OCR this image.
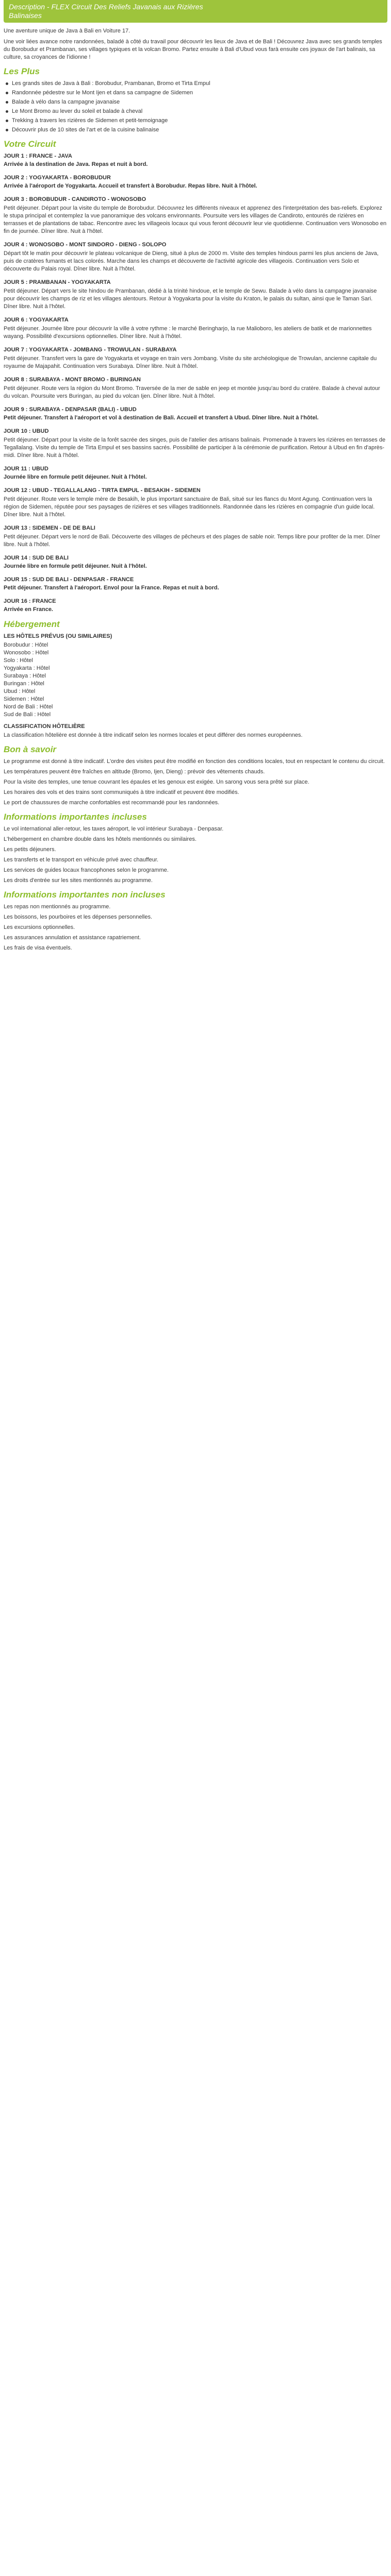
Description - FLEX Circuit Des Reliefs Javanais aux Rizières
Balinaises

Une aventure unique de Java à Bali en Voiture 17.

Une voir liées avance notre randonnées, baladé à côté du travail pour découvrir les lieux de Java et de Bali ! Découvrez Java avec ses grands temples du Borobudur et Prambanan, ses villages typiques et la volcan Bromo. Partez ensuite à Bali d'Ubud vous farà ensuite ces joyaux de l'art balinais, sa culture, sa croyances de l'idionne !

Les Plus
Les grands sites de Java à Bali : Borobudur, Prambanan, Bromo et Tirta Empul
Randonnée pédestre sur le Mont Ijen et dans sa campagne de Sidemen
Balade à vélo dans la campagne javanaise
Le Mont Bromo au lever du soleil et balade à cheval
Trekking à travers les rizières de Sidemen et petit-temoignage
Découvrir plus de 10 sites de l'art et de la cuisine balinaise
Votre Circuit
JOUR 1 : FRANCE - JAVA
Arrivée à la destination de Java. Repas et nuit à bord.
JOUR 2 : YOGYAKARTA - BOROBUDUR
Arrivée à l'aéroport de Yogyakarta. Accueil et transfert à Borobudur. Repas libre. Nuit à l'hôtel.
JOUR 3 : BOROBUDUR - CANDIROTO - WONOSOBO
Petit déjeuner. Départ pour la visite du temple de Borobudur. Découvrez les différents niveaux et apprenez des l'interprétation des bas-reliefs. Explorez le stupa principal et contemplez la vue panoramique des volcans environnants. Poursuite vers les villages de Candiroto, entourés de rizières en terrasses et de plantations de tabac. Rencontre avec les villageois locaux qui vous feront découvrir leur vie quotidienne. Continuation vers Wonosobo en fin de journée. Dîner libre. Nuit à l'hôtel.
JOUR 4 : WONOSOBO - MONT SINDORO - DIENG - SOLOPO
Départ tôt le matin pour découvrir le plateau volcanique de Dieng, situé à plus de 2000 m. Visite des temples hindous parmi les plus anciens de Java, puis de cratères fumants et lacs colorés. Marche dans les champs et découverte de l'activité agricole des villageois. Continuation vers Solo et découverte du Palais royal. Dîner libre. Nuit à l'hôtel.
JOUR 5 : PRAMBANAN - YOGYAKARTA
Petit déjeuner. Départ vers le site hindou de Prambanan, dédié à la trinité hindoue, et le temple de Sewu. Balade à vélo dans la campagne javanaise pour découvrir les champs de riz et les villages alentours. Retour à Yogyakarta pour la visite du Kraton, le palais du sultan, ainsi que le Taman Sari. Dîner libre. Nuit à l'hôtel.
JOUR 6 : YOGYAKARTA
Petit déjeuner. Journée libre pour découvrir la ville à votre rythme : le marché Beringharjo, la rue Malioboro, les ateliers de batik et de marionnettes wayang. Possibilité d'excursions optionnelles. Dîner libre. Nuit à l'hôtel.
JOUR 7 : YOGYAKARTA - JOMBANG - TROWULAN - SURABAYA
Petit déjeuner. Transfert vers la gare de Yogyakarta et voyage en train vers Jombang. Visite du site archéologique de Trowulan, ancienne capitale du royaume de Majapahit. Continuation vers Surabaya. Dîner libre. Nuit à l'hôtel.
JOUR 8 : SURABAYA - MONT BROMO - BURINGAN
Petit déjeuner. Route vers la région du Mont Bromo. Traversée de la mer de sable en jeep et montée jusqu'au bord du cratère. Balade à cheval autour du volcan. Poursuite vers Buringan, au pied du volcan Ijen. Dîner libre. Nuit à l'hôtel.
JOUR 9 : SURABAYA - DENPASAR (BALI) - UBUD
Petit déjeuner. Transfert à l'aéroport et vol à destination de Bali. Accueil et transfert à Ubud. Dîner libre. Nuit à l'hôtel.
JOUR 10 : UBUD
Petit déjeuner. Départ pour la visite de la forêt sacrée des singes, puis de l'atelier des artisans balinais. Promenade à travers les rizières en terrasses de Tegallalang. Visite du temple de Tirta Empul et ses bassins sacrés. Possibilité de participer à la cérémonie de purification. Retour à Ubud en fin d'après-midi. Dîner libre. Nuit à l'hôtel.
JOUR 11 : UBUD
Journée libre en formule petit déjeuner. Nuit à l'hôtel.
JOUR 12 : UBUD - TEGALLALANG - TIRTA EMPUL - BESAKIH - SIDEMEN
Petit déjeuner. Route vers le temple mère de Besakih, le plus important sanctuaire de Bali, situé sur les flancs du Mont Agung. Continuation vers la région de Sidemen, réputée pour ses paysages de rizières et ses villages traditionnels. Randonnée dans les rizières en compagnie d'un guide local. Dîner libre. Nuit à l'hôtel.
JOUR 13 : SIDEMEN - DE DE BALI
Petit déjeuner. Départ vers le nord de Bali. Découverte des villages de pêcheurs et des plages de sable noir. Temps libre pour profiter de la mer. Dîner libre. Nuit à l'hôtel.
JOUR 14 : SUD DE BALI
Journée libre en formule petit déjeuner. Nuit à l'hôtel.
JOUR 15 : SUD DE BALI - DENPASAR - FRANCE
Petit déjeuner. Transfert à l'aéroport. Envol pour la France. Repas et nuit à bord.
JOUR 16 : FRANCE
Arrivée en France.
Hébergement
LES HÔTELS PRÉVUS (OU SIMILAIRES)
Borobudur : Hôtel
Wonosobo : Hôtel
Solo : Hôtel
Yogyakarta : Hôtel
Surabaya : Hôtel
Buringan : Hôtel
Ubud : Hôtel
Sidemen : Hôtel
Nord de Bali : Hôtel
Sud de Bali : Hôtel
CLASSIFICATION HÔTELIÈRE
La classification hôtelière est donnée à titre indicatif selon les normes locales et peut différer des normes européennes.
Bon à savoir
Le programme est donné à titre indicatif. L'ordre des visites peut être modifié en fonction des conditions locales, tout en respectant le contenu du circuit.
Les températures peuvent être fraîches en altitude (Bromo, Ijen, Dieng) : prévoir des vêtements chauds.
Pour la visite des temples, une tenue couvrant les épaules et les genoux est exigée. Un sarong vous sera prêté sur place.
Les horaires des vols et des trains sont communiqués à titre indicatif et peuvent être modifiés.
Le port de chaussures de marche confortables est recommandé pour les randonnées.
Informations importantes incluses
Le vol international aller-retour, les taxes aéroport, le vol intérieur Surabaya - Denpasar.
L'hébergement en chambre double dans les hôtels mentionnés ou similaires.
Les petits déjeuners.
Les transferts et le transport en véhicule privé avec chauffeur.
Les services de guides locaux francophones selon le programme.
Les droits d'entrée sur les sites mentionnés au programme.
Informations importantes non incluses
Les repas non mentionnés au programme.
Les boissons, les pourboires et les dépenses personnelles.
Les excursions optionnelles.
Les assurances annulation et assistance rapatriement.
Les frais de visa éventuels.
